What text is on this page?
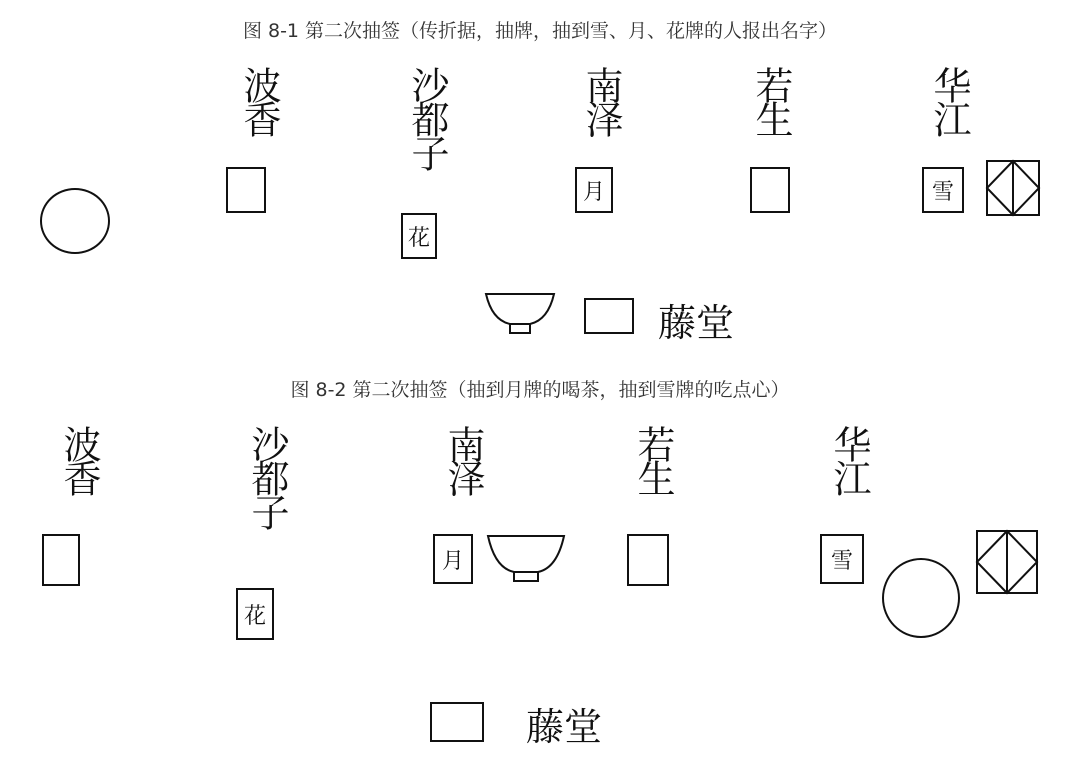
图 8-1 第二次抽签（传折据，抽牌，抽到雪、月、花牌的人报出名字）
波香	沙都子	南泽	若生	华江
花
月	雪
藤堂
图 8-2 第二次抽签（抽到月牌的喝茶，抽到雪牌的吃点心）
波香	沙都子	南泽	若生	华江
花
月	雪
藤堂
